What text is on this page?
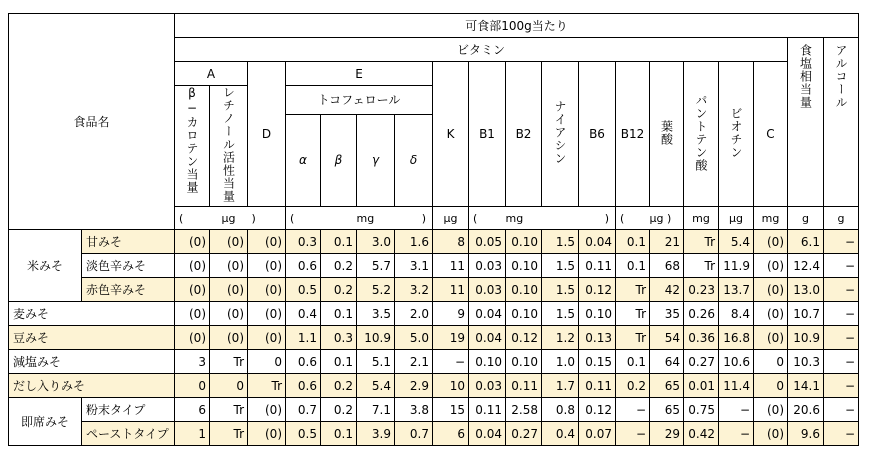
食品名		可食部100g当たり																		
		ビタミン																	食塩相当量	アルコール

		A		D	E				K	B1	B2	ナイアシン	B6	B12	葉酸	パントテン酸	ビオチン	C		
		β−カロテン当量	レチノール活性当量		トコフェロール															
					α	β	γ	δ												

		(	μg	)	(		mg	)	μg	(	mg		)	(	μg )	mg	μg	mg	g	g
米みそ	甘みそ	(0)	(0)	(0)	0.3	0.1	3.0	1.6	8	0.05	0.10	1.5	0.04	0.1	21	Tr	5.4	(0)	6.1	−
	淡色辛みそ	(0)	(0)	(0)	0.6	0.2	5.7	3.1	11	0.03	0.10	1.5	0.11	0.1	68	Tr	11.9	(0)	12.4	−
	赤色辛みそ	(0)	(0)	(0)	0.5	0.2	5.2	3.2	11	0.03	0.10	1.5	0.12	Tr	42	0.23	13.7	(0)	13.0	−
麦みそ		(0)	(0)	(0)	0.4	0.1	3.5	2.0	9	0.04	0.10	1.5	0.10	Tr	35	0.26	8.4	(0)	10.7	−
豆みそ		(0)	(0)	(0)	1.1	0.3	10.9	5.0	19	0.04	0.12	1.2	0.13	Tr	54	0.36	16.8	(0)	10.9	−
減塩みそ		3	Tr	0	0.6	0.1	5.1	2.1	−	0.10	0.10	1.0	0.15	0.1	64	0.27	10.6	0	10.3	−
だし入りみそ		0	0	Tr	0.6	0.2	5.4	2.9	10	0.03	0.11	1.7	0.11	0.2	65	0.01	11.4	0	14.1	−
即席みそ	粉末タイプ	6	Tr	(0)	0.7	0.2	7.1	3.8	15	0.11	2.58	0.8	0.12	−	65	0.75	−	(0)	20.6	−
	ペーストタイプ	1	Tr	(0)	0.5	0.1	3.9	0.7	6	0.04	0.27	0.4	0.07	−	29	0.42	−	(0)	9.6	−
